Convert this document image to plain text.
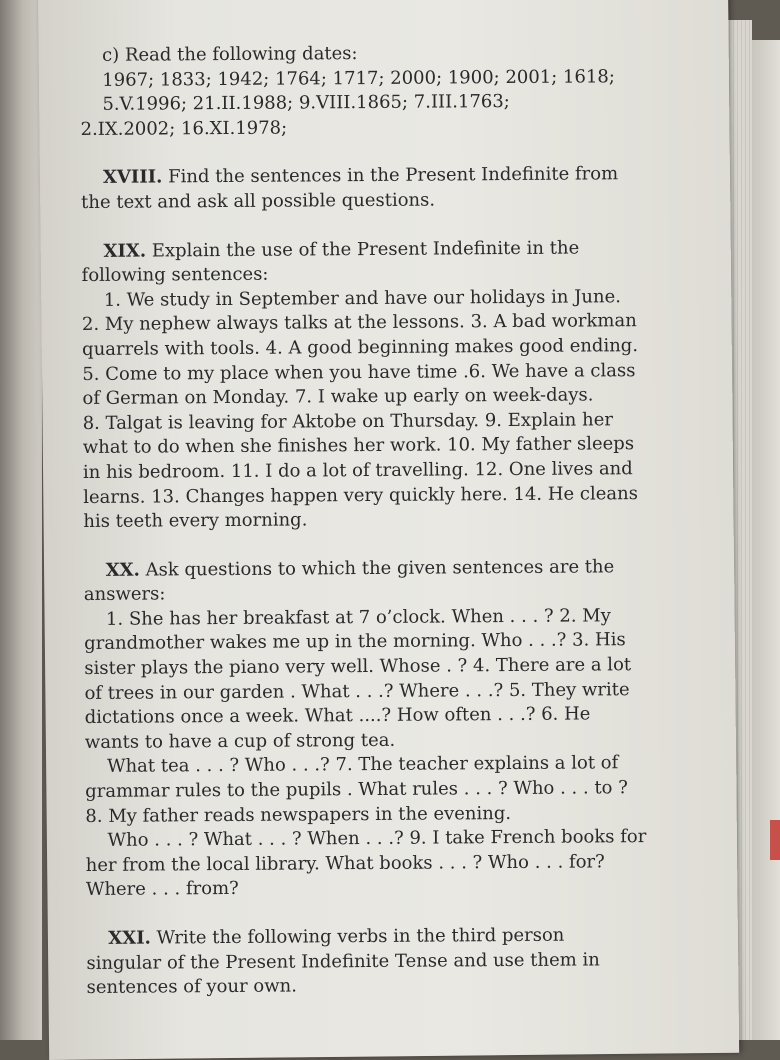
c) Read the following dates:
1967; 1833; 1942; 1764; 1717; 2000; 1900; 2001; 1618;
5.V.1996; 21.II.1988; 9.VIII.1865; 7.III.1763;
2.IX.2002; 16.XI.1978;
XVIII. Find the sentences in the Present Indefinite from
the text and ask all possible questions.
XIX. Explain the use of the Present Indefinite in the
following sentences:
1. We study in September and have our holidays in June.
2. My nephew always talks at the lessons. 3. A bad workman
quarrels with tools. 4. A good beginning makes good ending.
5. Come to my place when you have time .6. We have a class
of German on Monday. 7. I wake up early on week-days.
8. Talgat is leaving for Aktobe on Thursday. 9. Explain her
what to do when she finishes her work. 10. My father sleeps
in his bedroom. 11. I do a lot of travelling. 12. One lives and
learns. 13. Changes happen very quickly here. 14. He cleans
his teeth every morning.
XX. Ask questions to which the given sentences are the
answers:
1. She has her breakfast at 7 o’clock. When . . . ? 2. My
grandmother wakes me up in the morning. Who . . .? 3. His
sister plays the piano very well. Whose . ? 4. There are a lot
of trees in our garden . What . . .? Where . . .? 5. They write
dictations once a week. What ....? How often . . .? 6. He
wants to have a cup of strong tea.
What tea . . . ? Who . . .? 7. The teacher explains a lot of
grammar rules to the pupils . What rules . . . ? Who . . . to ?
8. My father reads newspapers in the evening.
Who . . . ? What . . . ? When . . .? 9. I take French books for
her from the local library. What books . . . ? Who . . . for?
Where . . . from?
XXI. Write the following verbs in the third person
singular of the Present Indefinite Tense and use them in
sentences of your own.
